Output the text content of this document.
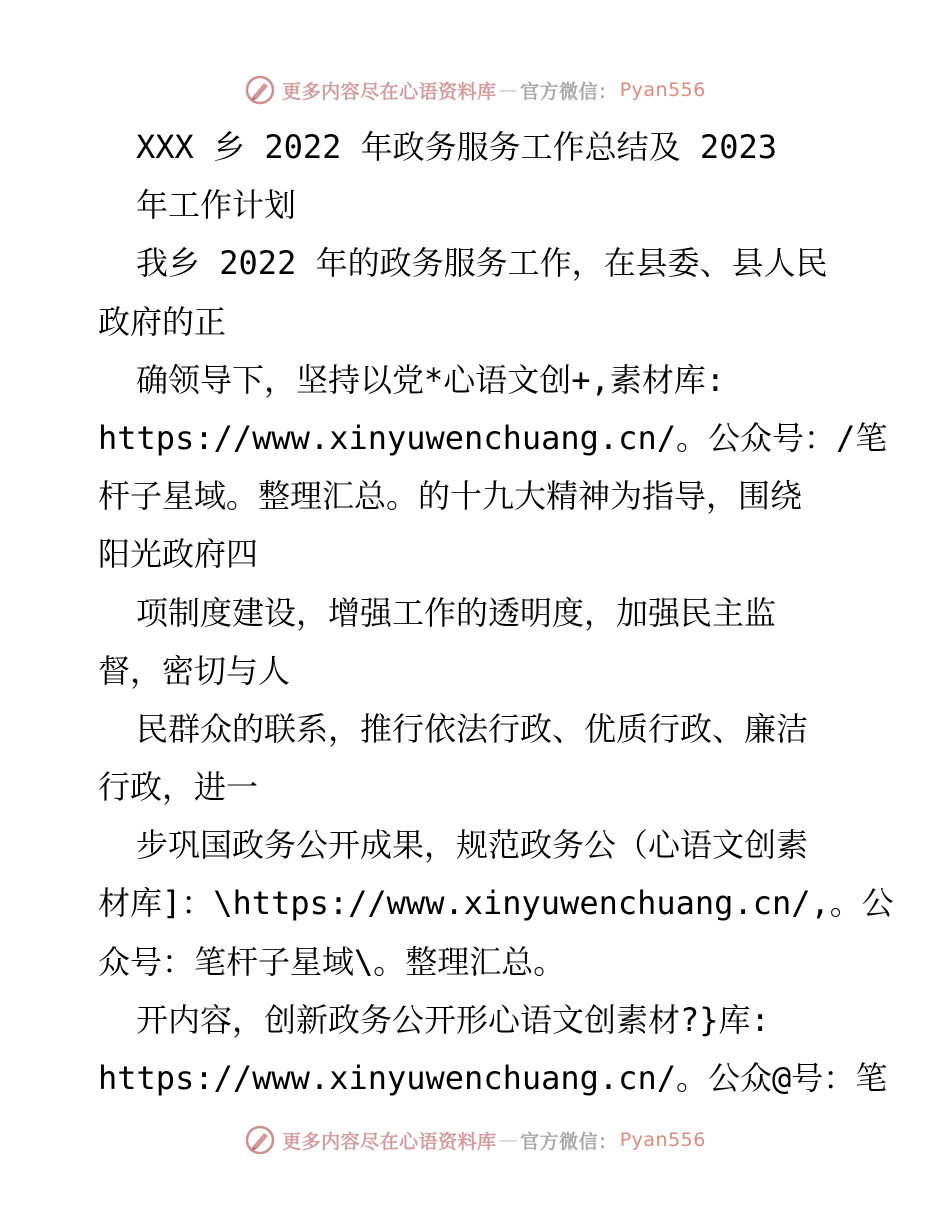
更多内容尽在心语资料库 — 官方微信： Pyan556
XXX 乡 2022 年政务服务工作总结及 2023
年工作计划
我乡 2022 年的政务服务工作，在县委、县人民
政府的正
确领导下，坚持以党*心语文创+,素材库:
https://www.xinyuwenchuang.cn/。公众号：/笔
杆子星域。整理汇总。的十九大精神为指导，围绕
阳光政府四
项制度建设，增强工作的透明度，加强民主监
督，密切与人
民群众的联系，推行依法行政、优质行政、廉洁
行政，进一
步巩国政务公开成果，规范政务公（心语文创素
材库]：\https://www.xinyuwenchuang.cn/,。公
众号：笔杆子星域\。整理汇总。
开内容，创新政务公开形心语文创素材?}库:
https://www.xinyuwenchuang.cn/。公众@号：笔
更多内容尽在心语资料库 — 官方微信： Pyan556
